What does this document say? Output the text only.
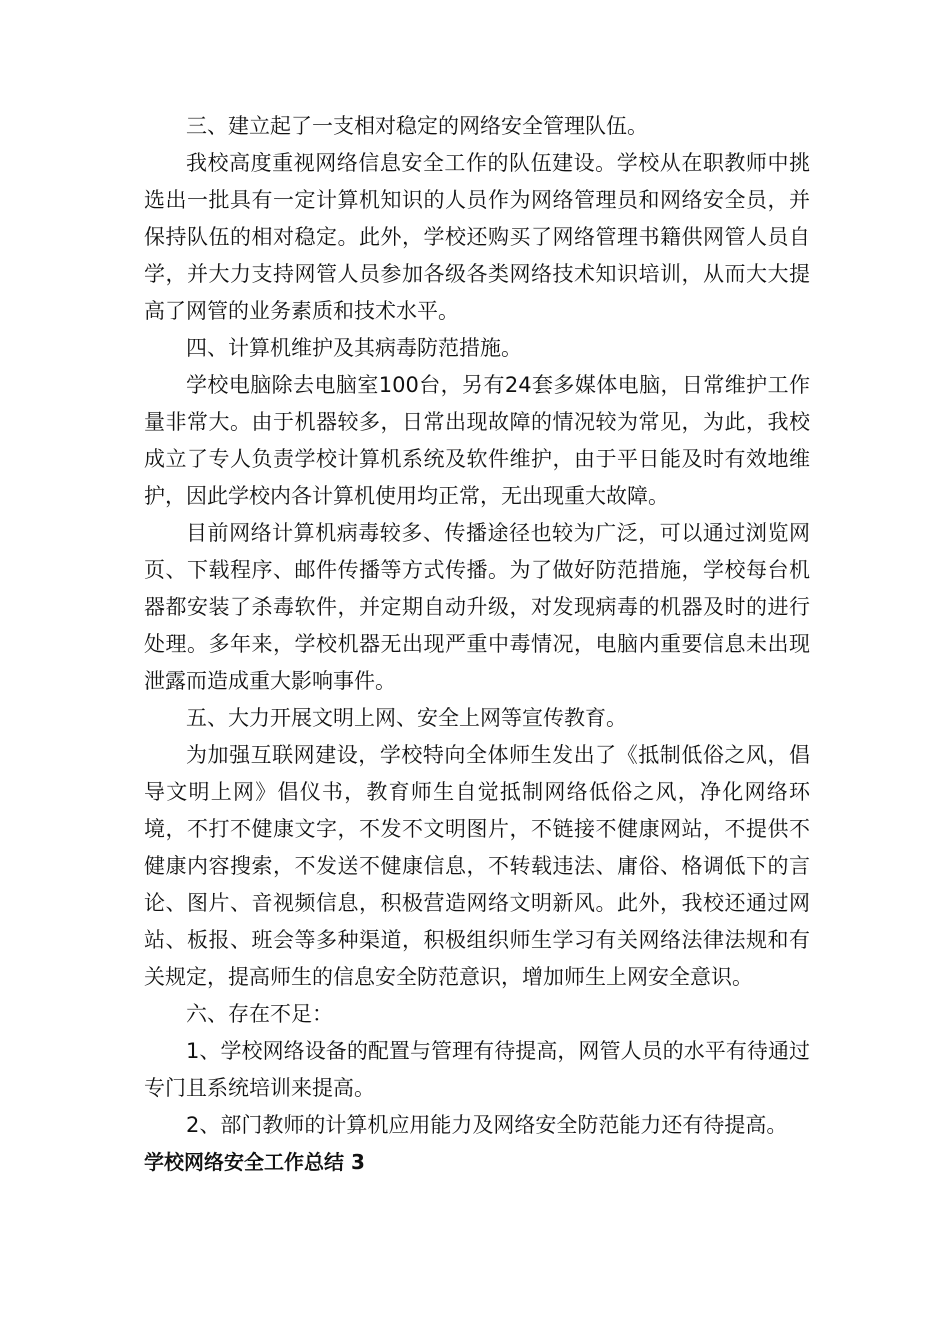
三、建立起了一支相对稳定的网络安全管理队伍。

我校高度重视网络信息安全工作的队伍建设。学校从在职教师中挑选出一批具有一定计算机知识的人员作为网络管理员和网络安全员，并保持队伍的相对稳定。此外，学校还购买了网络管理书籍供网管人员自学，并大力支持网管人员参加各级各类网络技术知识培训，从而大大提高了网管的业务素质和技术水平。

四、计算机维护及其病毒防范措施。

学校电脑除去电脑室100台，另有24套多媒体电脑，日常维护工作量非常大。由于机器较多，日常出现故障的情况较为常见，为此，我校成立了专人负责学校计算机系统及软件维护，由于平日能及时有效地维护，因此学校内各计算机使用均正常，无出现重大故障。

目前网络计算机病毒较多、传播途径也较为广泛，可以通过浏览网页、下载程序、邮件传播等方式传播。为了做好防范措施，学校每台机器都安装了杀毒软件，并定期自动升级，对发现病毒的机器及时的进行处理。多年来，学校机器无出现严重中毒情况，电脑内重要信息未出现泄露而造成重大影响事件。

五、大力开展文明上网、安全上网等宣传教育。

为加强互联网建设，学校特向全体师生发出了《抵制低俗之风，倡导文明上网》倡仪书，教育师生自觉抵制网络低俗之风，净化网络环境，不打不健康文字，不发不文明图片，不链接不健康网站，不提供不健康内容搜索，不发送不健康信息，不转载违法、庸俗、格调低下的言论、图片、音视频信息，积极营造网络文明新风。此外，我校还通过网站、板报、班会等多种渠道，积极组织师生学习有关网络法律法规和有关规定，提高师生的信息安全防范意识，增加师生上网安全意识。

六、存在不足：

1、学校网络设备的配置与管理有待提高，网管人员的水平有待通过专门且系统培训来提高。

2、部门教师的计算机应用能力及网络安全防范能力还有待提高。

学校网络安全工作总结 3
